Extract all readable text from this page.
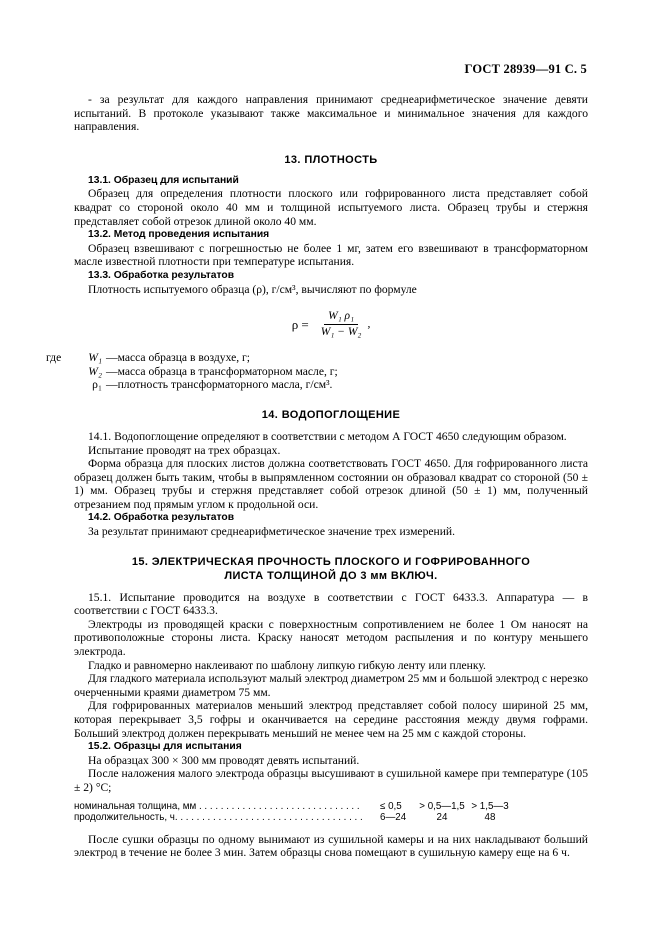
ГОСТ 28939—91 С. 5

- за результат для каждого направления принимают среднеарифметическое значение девяти испытаний. В протоколе указывают также максимальное и минимальное значения для каждого направления.

13. ПЛОТНОСТЬ

13.1. Образец для испытаний

Образец для определения плотности плоского или гофрированного листа представляет собой квадрат со стороной около 40 мм и толщиной испытуемого листа. Образец трубы и стержня представляет собой отрезок длиной около 40 мм.

13.2. Метод проведения испытания

Образец взвешивают с погрешностью не более 1 мг, затем его взвешивают в трансформаторном масле известной плотности при температуре испытания.

13.3. Обработка результатов

Плотность испытуемого образца (ρ), г/см³, вычисляют по формуле

$\rho = \frac{\text{W₁ ρ₁}}{\text{W₁ − W₂}}$ ,
где	W₁ —масса образца в воздухе, г;
W₂ —масса образца в трансформаторном масле, г;
ρ₁ —плотность трансформаторного масла, г/см³.

14. ВОДОПОГЛОЩЕНИЕ

14.1. Водопоглощение определяют в соответствии с методом А ГОСТ 4650 следующим образом.

Испытание проводят на трех образцах.

Форма образца для плоских листов должна соответствовать ГОСТ 4650. Для гофрированного листа образец должен быть таким, чтобы в выпрямленном состоянии он образовал квадрат со стороной (50 ± 1) мм. Образец трубы и стержня представляет собой отрезок длиной (50 ± 1) мм, полученный отрезанием под прямым углом к продольной оси.

14.2. Обработка результатов

За результат принимают среднеарифметическое значение трех измерений.

15. ЭЛЕКТРИЧЕСКАЯ ПРОЧНОСТЬ ПЛОСКОГО И ГОФРИРОВАННОГО

ЛИСТА ТОЛЩИНОЙ ДО 3 мм ВКЛЮЧ.

15.1. Испытание проводится на воздухе в соответствии с ГОСТ 6433.3. Аппаратура — в соответствии с ГОСТ 6433.3.

Электроды из проводящей краски с поверхностным сопротивлением не более 1 Ом наносят на противоположные стороны листа. Краску наносят методом распыления и по контуру меньшего электрода.

Гладко и равномерно наклеивают по шаблону липкую гибкую ленту или пленку.

Для гладкого материала используют малый электрод диаметром 25 мм и большой электрод с нерезко очерченными краями диаметром 75 мм.

Для гофрированных материалов меньший электрод представляет собой полосу шириной 25 мм, которая перекрывает 3,5 гофры и оканчивается на середине расстояния между двумя гофрами. Больший электрод должен перекрывать меньший не менее чем на 25 мм с каждой стороны.

15.2. Образцы для испытания

На образцах 300 × 300 мм проводят девять испытаний.

После наложения малого электрода образцы высушивают в сушильной камере при температуре (105 ± 2) °С;

номинальная толщина, мм . . . . . . . . . . . . . . . . . . . . . . . . . . . . . .	≤ 0,5	> 0,5—1,5 > 1,5—3
продолжительность, ч. . . . . . . . . . . . . . . . . . . . . . . . . . . . . . . . . . .	6—24	24	48

После сушки образцы по одному вынимают из сушильной камеры и на них накладывают больший электрод в течение не более 3 мин. Затем образцы снова помещают в сушильную камеру еще на 6 ч.
